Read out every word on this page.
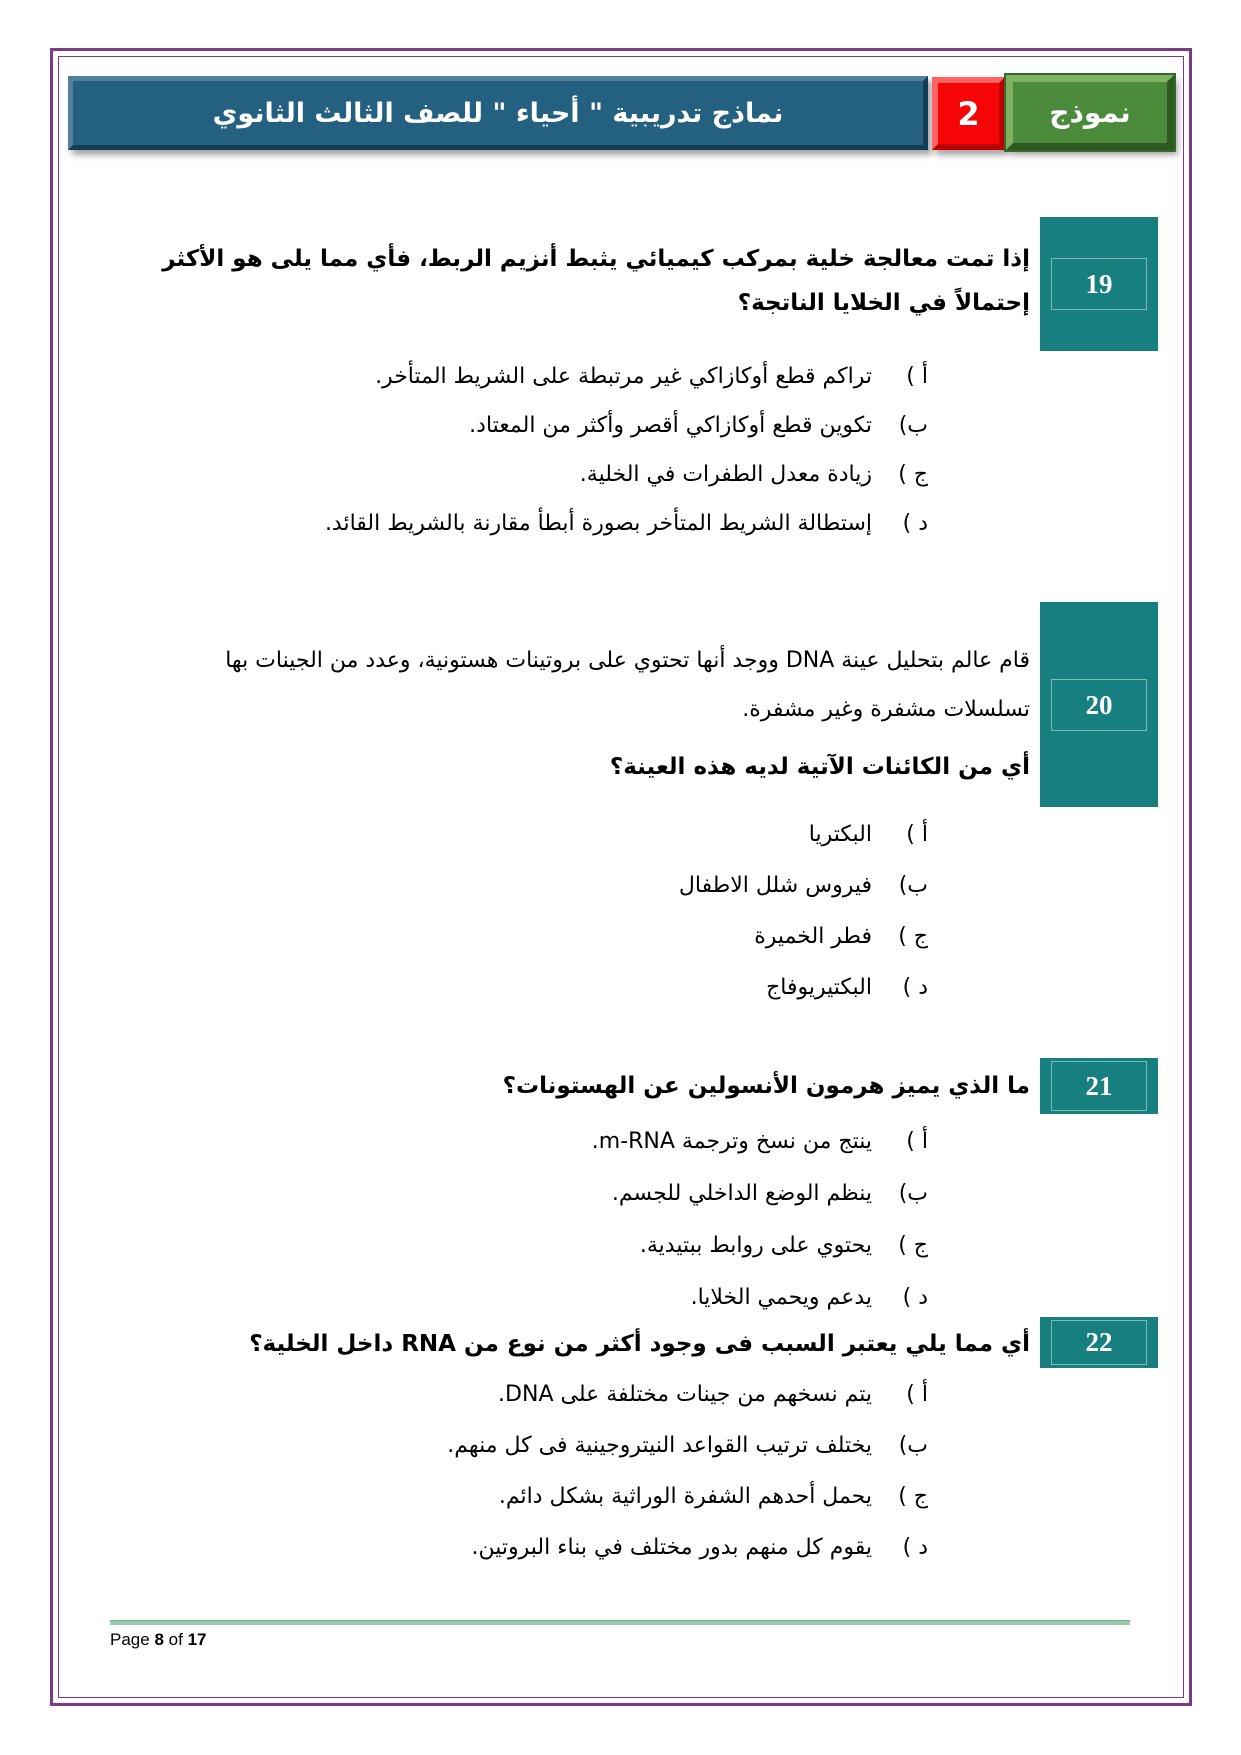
نماذج تدريبية " أحياء " للصف الثالث الثانوي	2 نموذج
19
إذا تمت معالجة خلية بمركب كيميائي يثبط أنزيم الربط، فأي مما يلى هو الأكثر إحتمالاً في الخلايا الناتجة؟
أ )
تراكم قطع أوكازاكي غير مرتبطة على الشريط المتأخر.
ب)
تكوين قطع أوكازاكي أقصر وأكثر من المعتاد.
ج )
زيادة معدل الطفرات في الخلية.
د )
إستطالة الشريط المتأخر بصورة أبطأ مقارنة بالشريط القائد.
20
قام عالم بتحليل عينة DNA ووجد أنها تحتوي على بروتينات هستونية، وعدد من الجينات بها تسلسلات مشفرة وغير مشفرة.
أي من الكائنات الآتية لديه هذه العينة؟
أ )
البكتريا
ب)
فيروس شلل الاطفال
ج )
فطر الخميرة
د )
البكتيريوفاج
21
ما الذي يميز هرمون الأنسولين عن الهستونات؟
أ )
ينتج من نسخ وترجمة m-RNA.
ب)
ينظم الوضع الداخلي للجسم.
ج )
يحتوي على روابط ببتيدية.
د )
يدعم ويحمي الخلايا.
22
أي مما يلي يعتبر السبب فى وجود أكثر من نوع من RNA داخل الخلية؟
أ )
يتم نسخهم من جينات مختلفة على DNA.
ب)
يختلف ترتيب القواعد النيتروجينية فى كل منهم.
ج )
يحمل أحدهم الشفرة الوراثية بشكل دائم.
د )
يقوم كل منهم بدور مختلف في بناء البروتين.
Page 8 of 17
